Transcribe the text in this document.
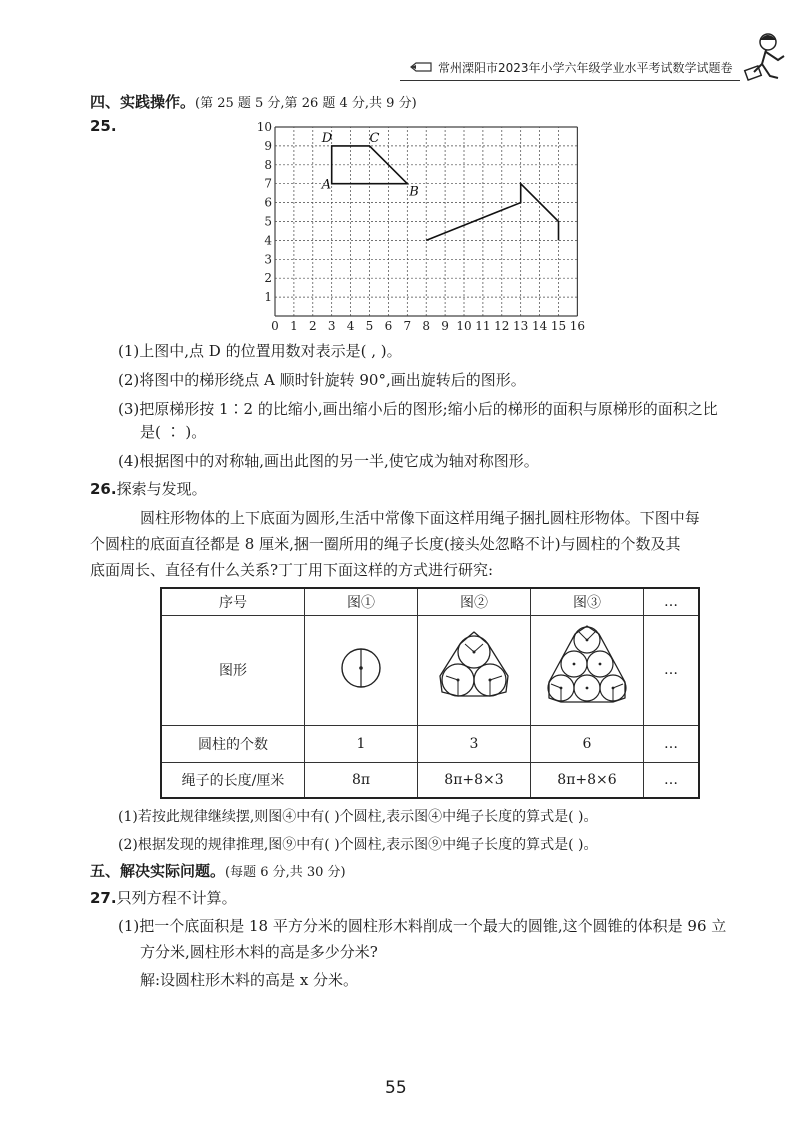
常州溧阳市2023年小学六年级学业水平考试数学试题卷
四、实践操作。(第 25 题 5 分,第 26 题 4 分,共 9 分)
25.
0 1 2 3 4 5 6 7 8 9 10 11 12 13 14 15 16
1
2
3
4
5
6
7
8
9
10
A	B
C
D
(1)上图中,点 D 的位置用数对表示是( , )。
(2)将图中的梯形绕点 A 顺时针旋转 90°,画出旋转后的图形。
(3)把原梯形按 1∶2 的比缩小,画出缩小后的图形;缩小后的梯形的面积与原梯形的面积之比
是( ∶ )。
(4)根据图中的对称轴,画出此图的另一半,使它成为轴对称图形。
26.探索与发现。
圆柱形物体的上下底面为圆形,生活中常像下面这样用绳子捆扎圆柱形物体。下图中每
个圆柱的底面直径都是 8 厘米,捆一圈所用的绳子长度(接头处忽略不计)与圆柱的个数及其
底面周长、直径有什么关系?丁丁用下面这样的方式进行研究:
序号	图①	图②	图③	…
图形				…
圆柱的个数	1	3	6	…
绳子的长度/厘米	8π	8π+8×3	8π+8×6	…
(1)若按此规律继续摆,则图④中有( )个圆柱,表示图④中绳子长度的算式是( )。
(2)根据发现的规律推理,图⑨中有( )个圆柱,表示图⑨中绳子长度的算式是( )。
五、解决实际问题。(每题 6 分,共 30 分)
27.只列方程不计算。
(1)把一个底面积是 18 平方分米的圆柱形木料削成一个最大的圆锥,这个圆锥的体积是 96 立
方分米,圆柱形木料的高是多少分米?
解:设圆柱形木料的高是 x 分米。
55
